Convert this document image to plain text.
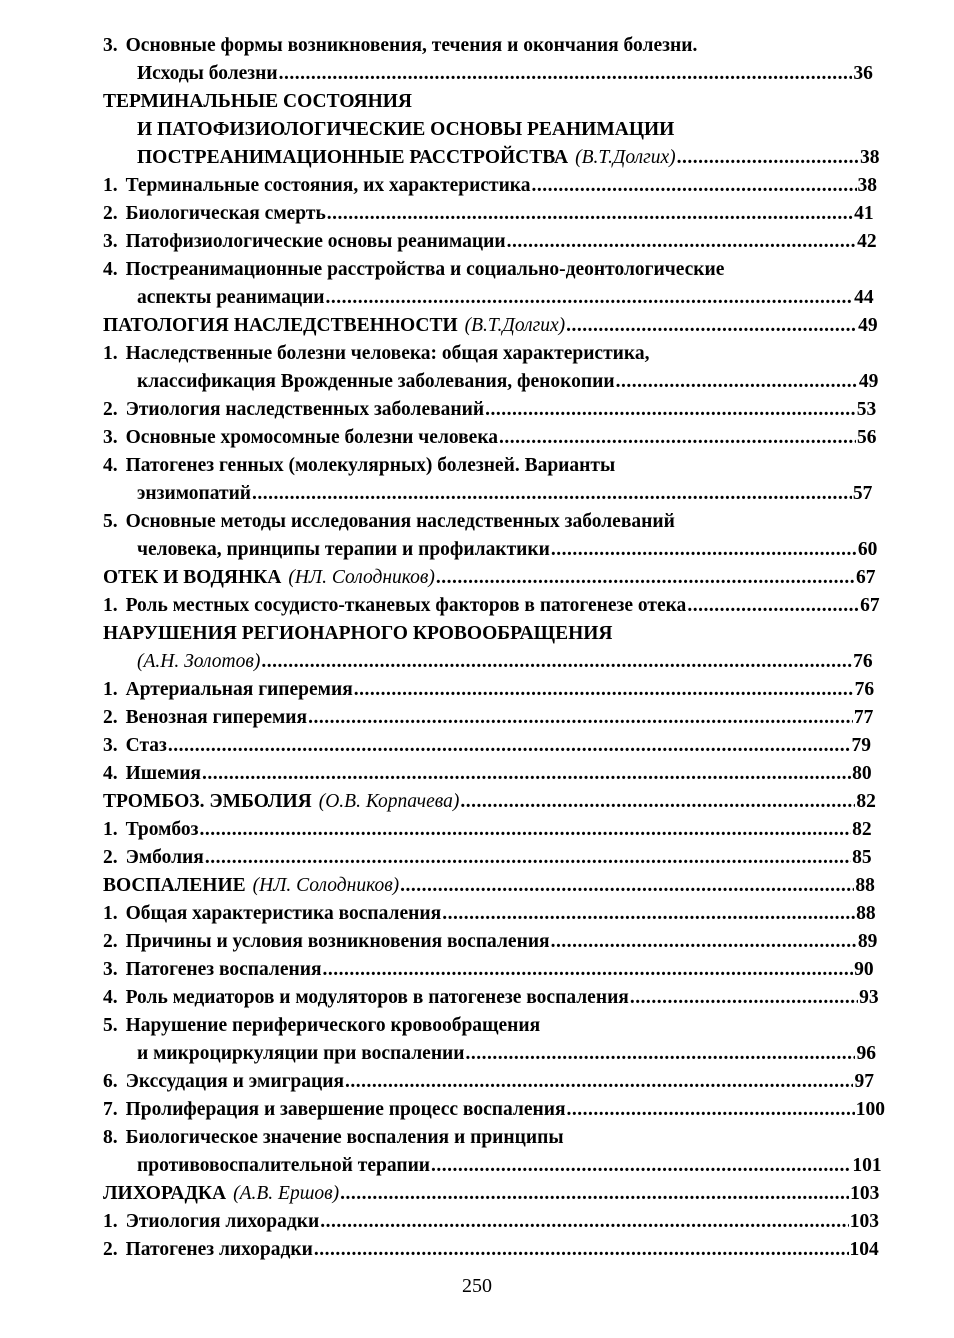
3. Основные формы возникновения, течения и окончания болезни.
Исходы болезни .....	36
ТЕРМИНАЛЬНЫЕ СОСТОЯНИЯ
И ПАТОФИЗИОЛОГИЧЕСКИЕ ОСНОВЫ РЕАНИМАЦИИ
ПОСТРЕАНИМАЦИОННЫЕ РАССТРОЙСТВА (В.Т.Долгих) .....	38
1. Терминальные состояния, их характеристика .....	38
2. Биологическая смерть .....	41
3. Патофизиологические основы реанимации .....	42
4. Постреанимационные расстройства и социально-деонтологические
аспекты реанимации .....	44
ПАТОЛОГИЯ НАСЛЕДСТВЕННОСТИ (В.Т.Долгих) .....	49
1. Наследственные болезни человека: общая характеристика,
классификация Врожденные заболевания, фенокопии .....	49
2. Этиология наследственных заболеваний .....	53
3. Основные хромосомные болезни человека .....	56
4. Патогенез генных (молекулярных) болезней. Варианты
энзимопатий .....	57
5. Основные методы исследования наследственных заболеваний
человека, принципы терапии и профилактики .....	60
ОТЕК И ВОДЯНКА (НЛ. Солодников) .....	67
1. Роль местных сосудисто-тканевых факторов в патогенезе отека .....	67
НАРУШЕНИЯ РЕГИОНАРНОГО КРОВООБРАЩЕНИЯ
(А.Н. Золотов) .....	76
1. Артериальная гиперемия .....	76
2. Венозная гиперемия .....	77
3. Стаз .....	79
4. Ишемия .....	80
ТРОМБОЗ. ЭМБОЛИЯ (О.В. Корпачева) .....	82
1. Тромбоз .....	82
2. Эмболия .....	85
ВОСПАЛЕНИЕ (НЛ. Солодников) .....	88
1. Общая характеристика воспаления .....	88
2. Причины и условия возникновения воспаления .....	89
3. Патогенез воспаления .....	90
4. Роль медиаторов и модуляторов в патогенезе воспаления .....	93
5. Нарушение периферического кровообращения
и микроциркуляции при воспалении .....	96
6. Экссудация и эмиграция .....	97
7. Пролиферация и завершение процесс воспаления .....	100
8. Биологическое значение воспаления и принципы
противовоспалительной терапии .....	101
ЛИХОРАДКА (А.В. Ершов) .....	103
1. Этиология лихорадки .....	103
2. Патогенез лихорадки .....	104
250
